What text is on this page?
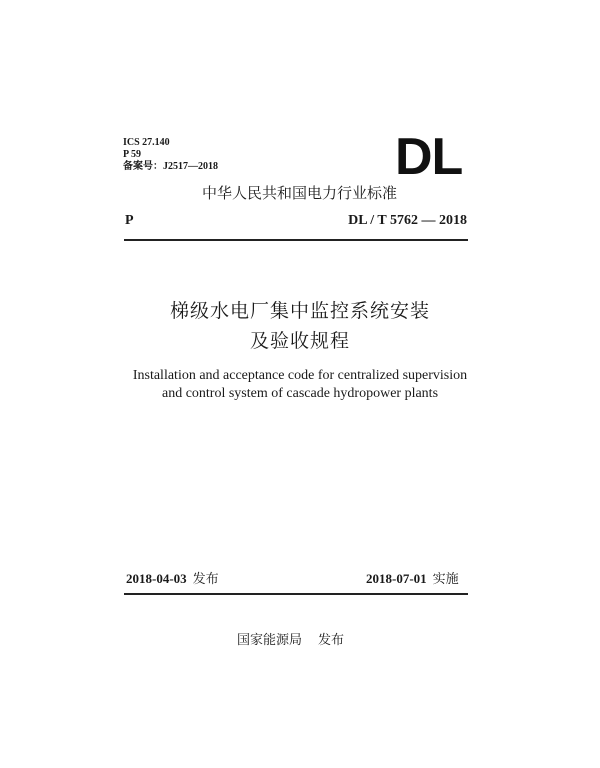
ICS 27.140
P 59
备案号：J2517—2018	DL
中华人民共和国电力行业标准
P	DL / T 5762 — 2018
梯级水电厂集中监控系统安装
及验收规程
Installation and acceptance code for centralized supervision
and control system of cascade hydropower plants
2018-04-03 发布	2018-07-01 实施
国家能源局 发布
